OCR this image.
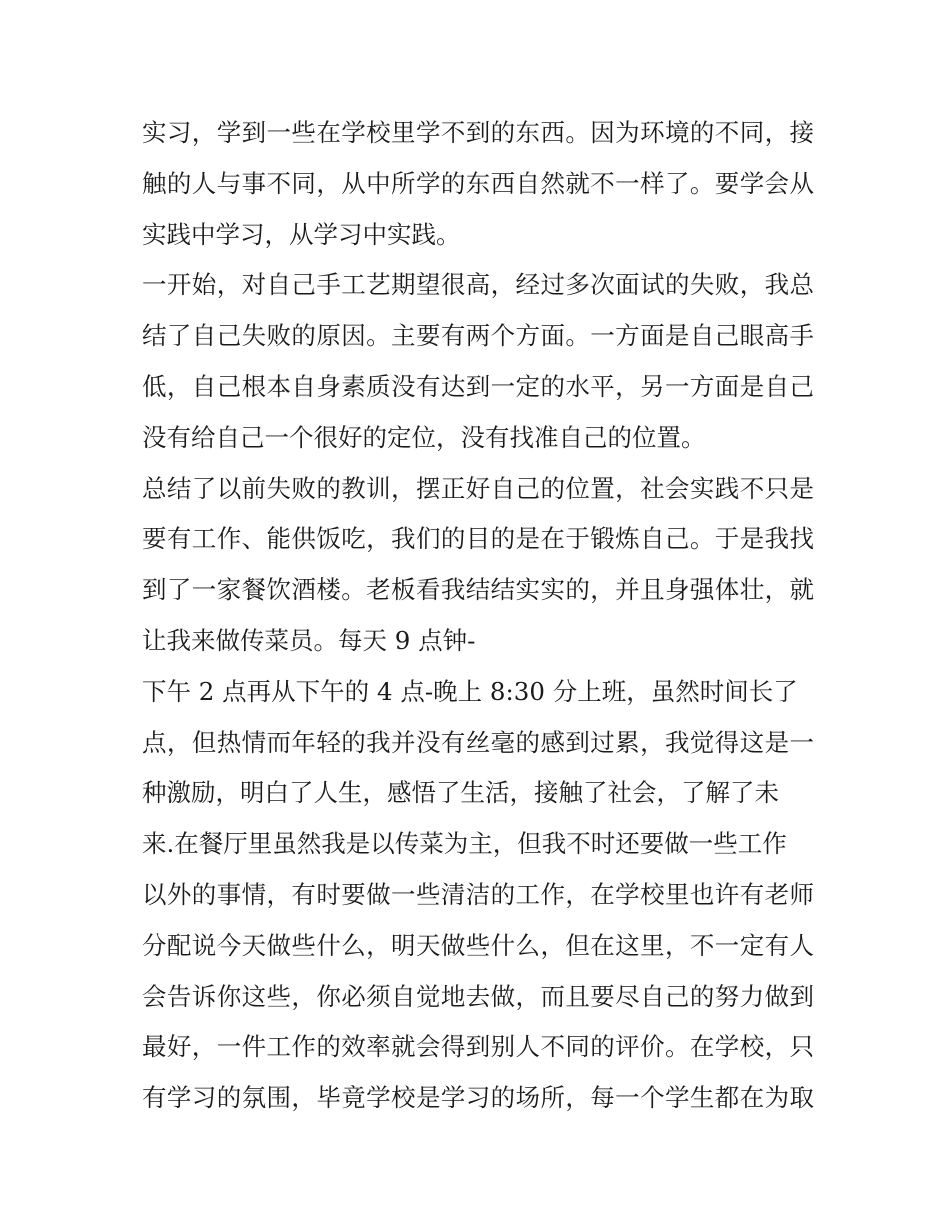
实习，学到一些在学校里学不到的东西。因为环境的不同，接
触的人与事不同，从中所学的东西自然就不一样了。要学会从
实践中学习，从学习中实践。
一开始，对自己手工艺期望很高，经过多次面试的失败，我总
结了自己失败的原因。主要有两个方面。一方面是自己眼高手
低，自己根本自身素质没有达到一定的水平，另一方面是自己
没有给自己一个很好的定位，没有找准自己的位置。
总结了以前失败的教训，摆正好自己的位置，社会实践不只是
要有工作、能供饭吃，我们的目的是在于锻炼自己。于是我找
到了一家餐饮酒楼。老板看我结结实实的，并且身强体壮，就
让我来做传菜员。每天 9 点钟-
下午 2 点再从下午的 4 点-晚上 8:30 分上班，虽然时间长了
点，但热情而年轻的我并没有丝毫的感到过累，我觉得这是一
种激励，明白了人生，感悟了生活，接触了社会，了解了未
来.在餐厅里虽然我是以传菜为主，但我不时还要做一些工作
以外的事情，有时要做一些清洁的工作，在学校里也许有老师
分配说今天做些什么，明天做些什么，但在这里，不一定有人
会告诉你这些，你必须自觉地去做，而且要尽自己的努力做到
最好，一件工作的效率就会得到别人不同的评价。在学校，只
有学习的氛围，毕竟学校是学习的场所，每一个学生都在为取
